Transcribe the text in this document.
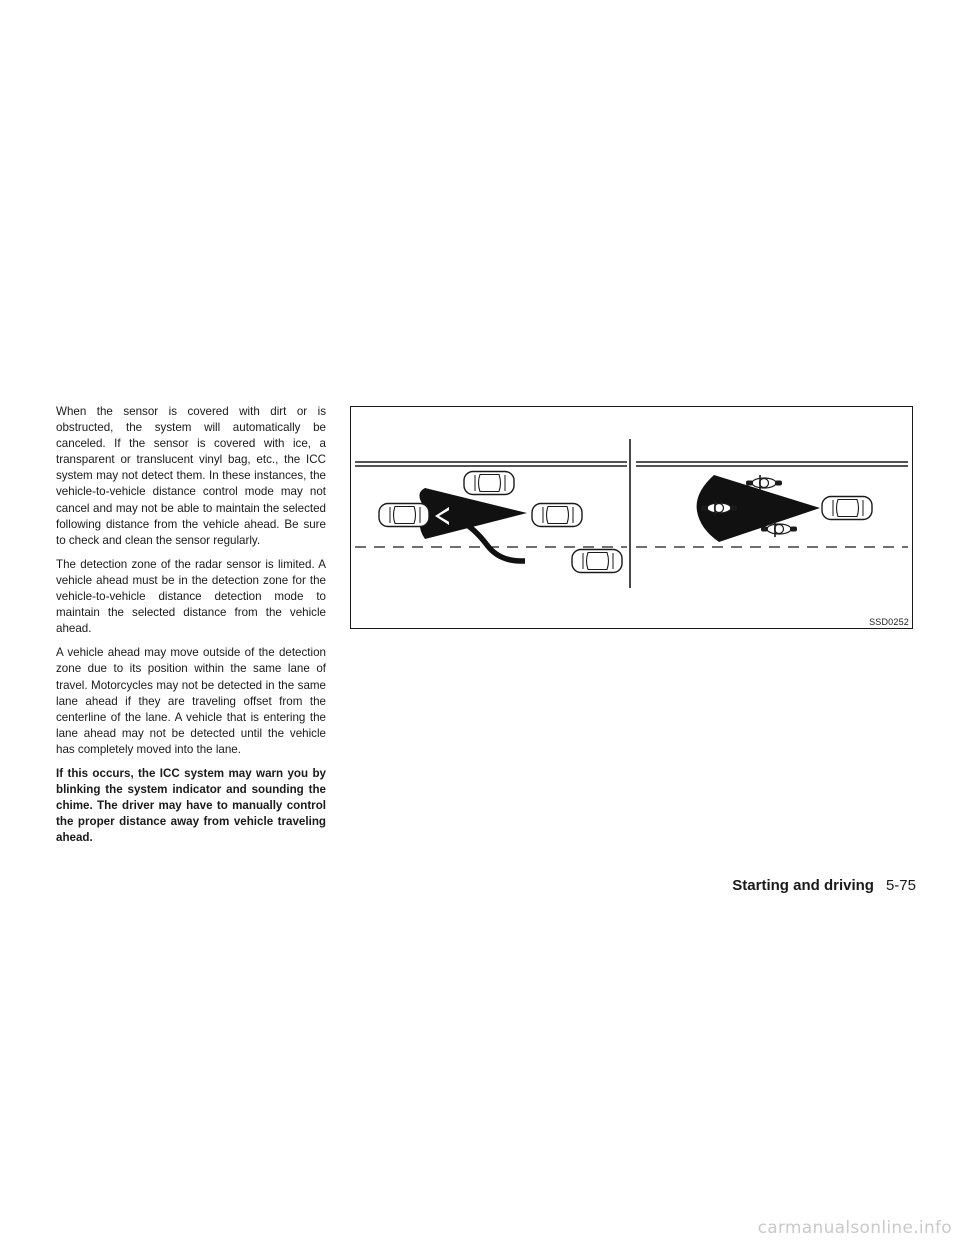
When the sensor is covered with dirt or is obstructed, the system will automatically be canceled. If the sensor is covered with ice, a transparent or translucent vinyl bag, etc., the ICC system may not detect them. In these instances, the vehicle-to-vehicle distance control mode may not cancel and may not be able to maintain the selected following distance from the vehicle ahead. Be sure to check and clean the sensor regularly.

The detection zone of the radar sensor is limited. A vehicle ahead must be in the detection zone for the vehicle-to-vehicle distance detection mode to maintain the selected distance from the vehicle ahead.

A vehicle ahead may move outside of the detection zone due to its position within the same lane of travel. Motorcycles may not be detected in the same lane ahead if they are traveling offset from the centerline of the lane. A vehicle that is entering the lane ahead may not be detected until the vehicle has completely moved into the lane.

If this occurs, the ICC system may warn you by blinking the system indicator and sounding the chime. The driver may have to manually control the proper distance away from vehicle traveling ahead.

SSD0252
Starting and driving 5-75
carmanualsonline.info
